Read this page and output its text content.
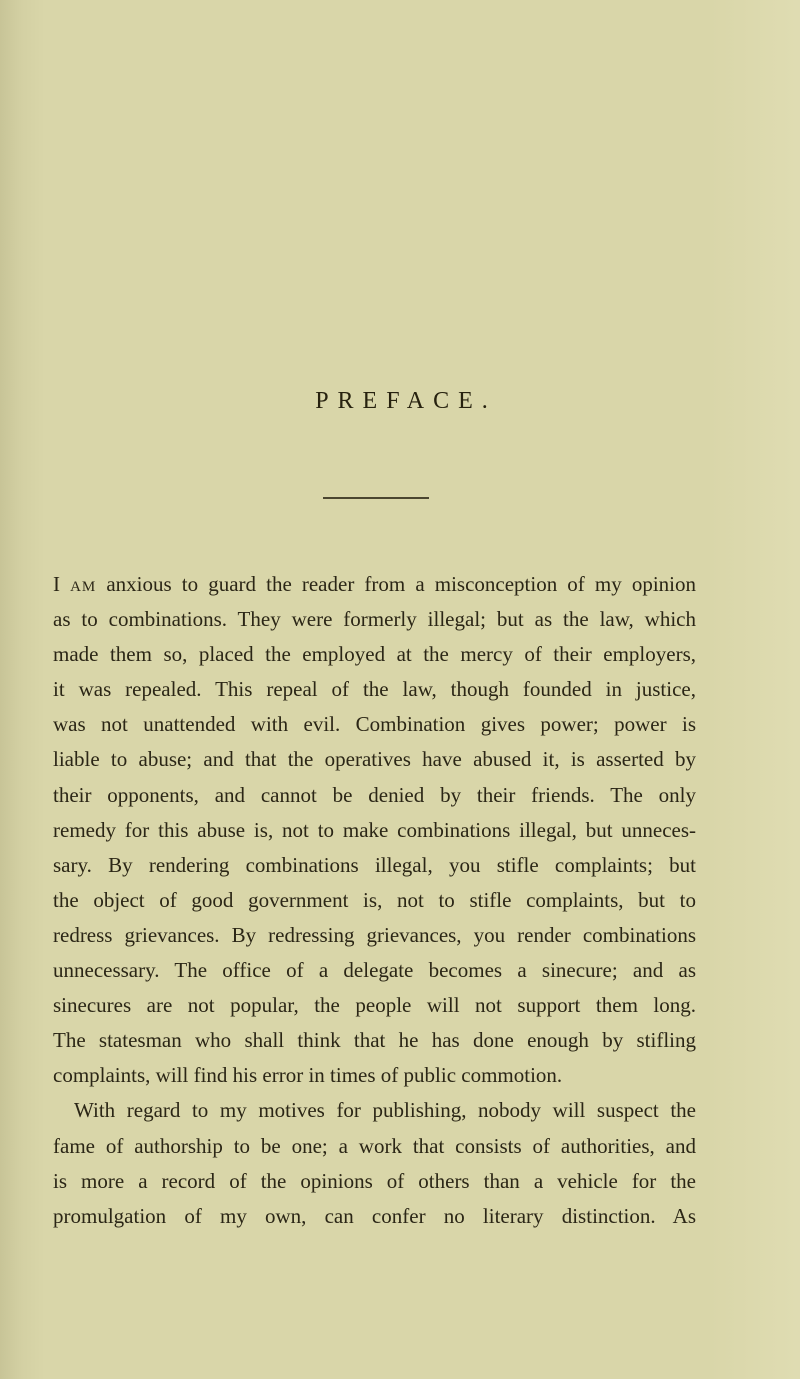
PREFACE.
I AM anxious to guard the reader from a misconception of my opinion
as to combinations. They were formerly illegal; but as the law, which
made them so, placed the employed at the mercy of their employers,
it was repealed. This repeal of the law, though founded in justice,
was not unattended with evil. Combination gives power; power is
liable to abuse; and that the operatives have abused it, is asserted by
their opponents, and cannot be denied by their friends. The only
remedy for this abuse is, not to make combinations illegal, but unneces-
sary. By rendering combinations illegal, you stifle complaints; but
the object of good government is, not to stifle complaints, but to
redress grievances. By redressing grievances, you render combinations
unnecessary. The office of a delegate becomes a sinecure; and as
sinecures are not popular, the people will not support them long.
The statesman who shall think that he has done enough by stifling
complaints, will find his error in times of public commotion.
With regard to my motives for publishing, nobody will suspect the
fame of authorship to be one; a work that consists of authorities, and
is more a record of the opinions of others than a vehicle for the
promulgation of my own, can confer no literary distinction. As
